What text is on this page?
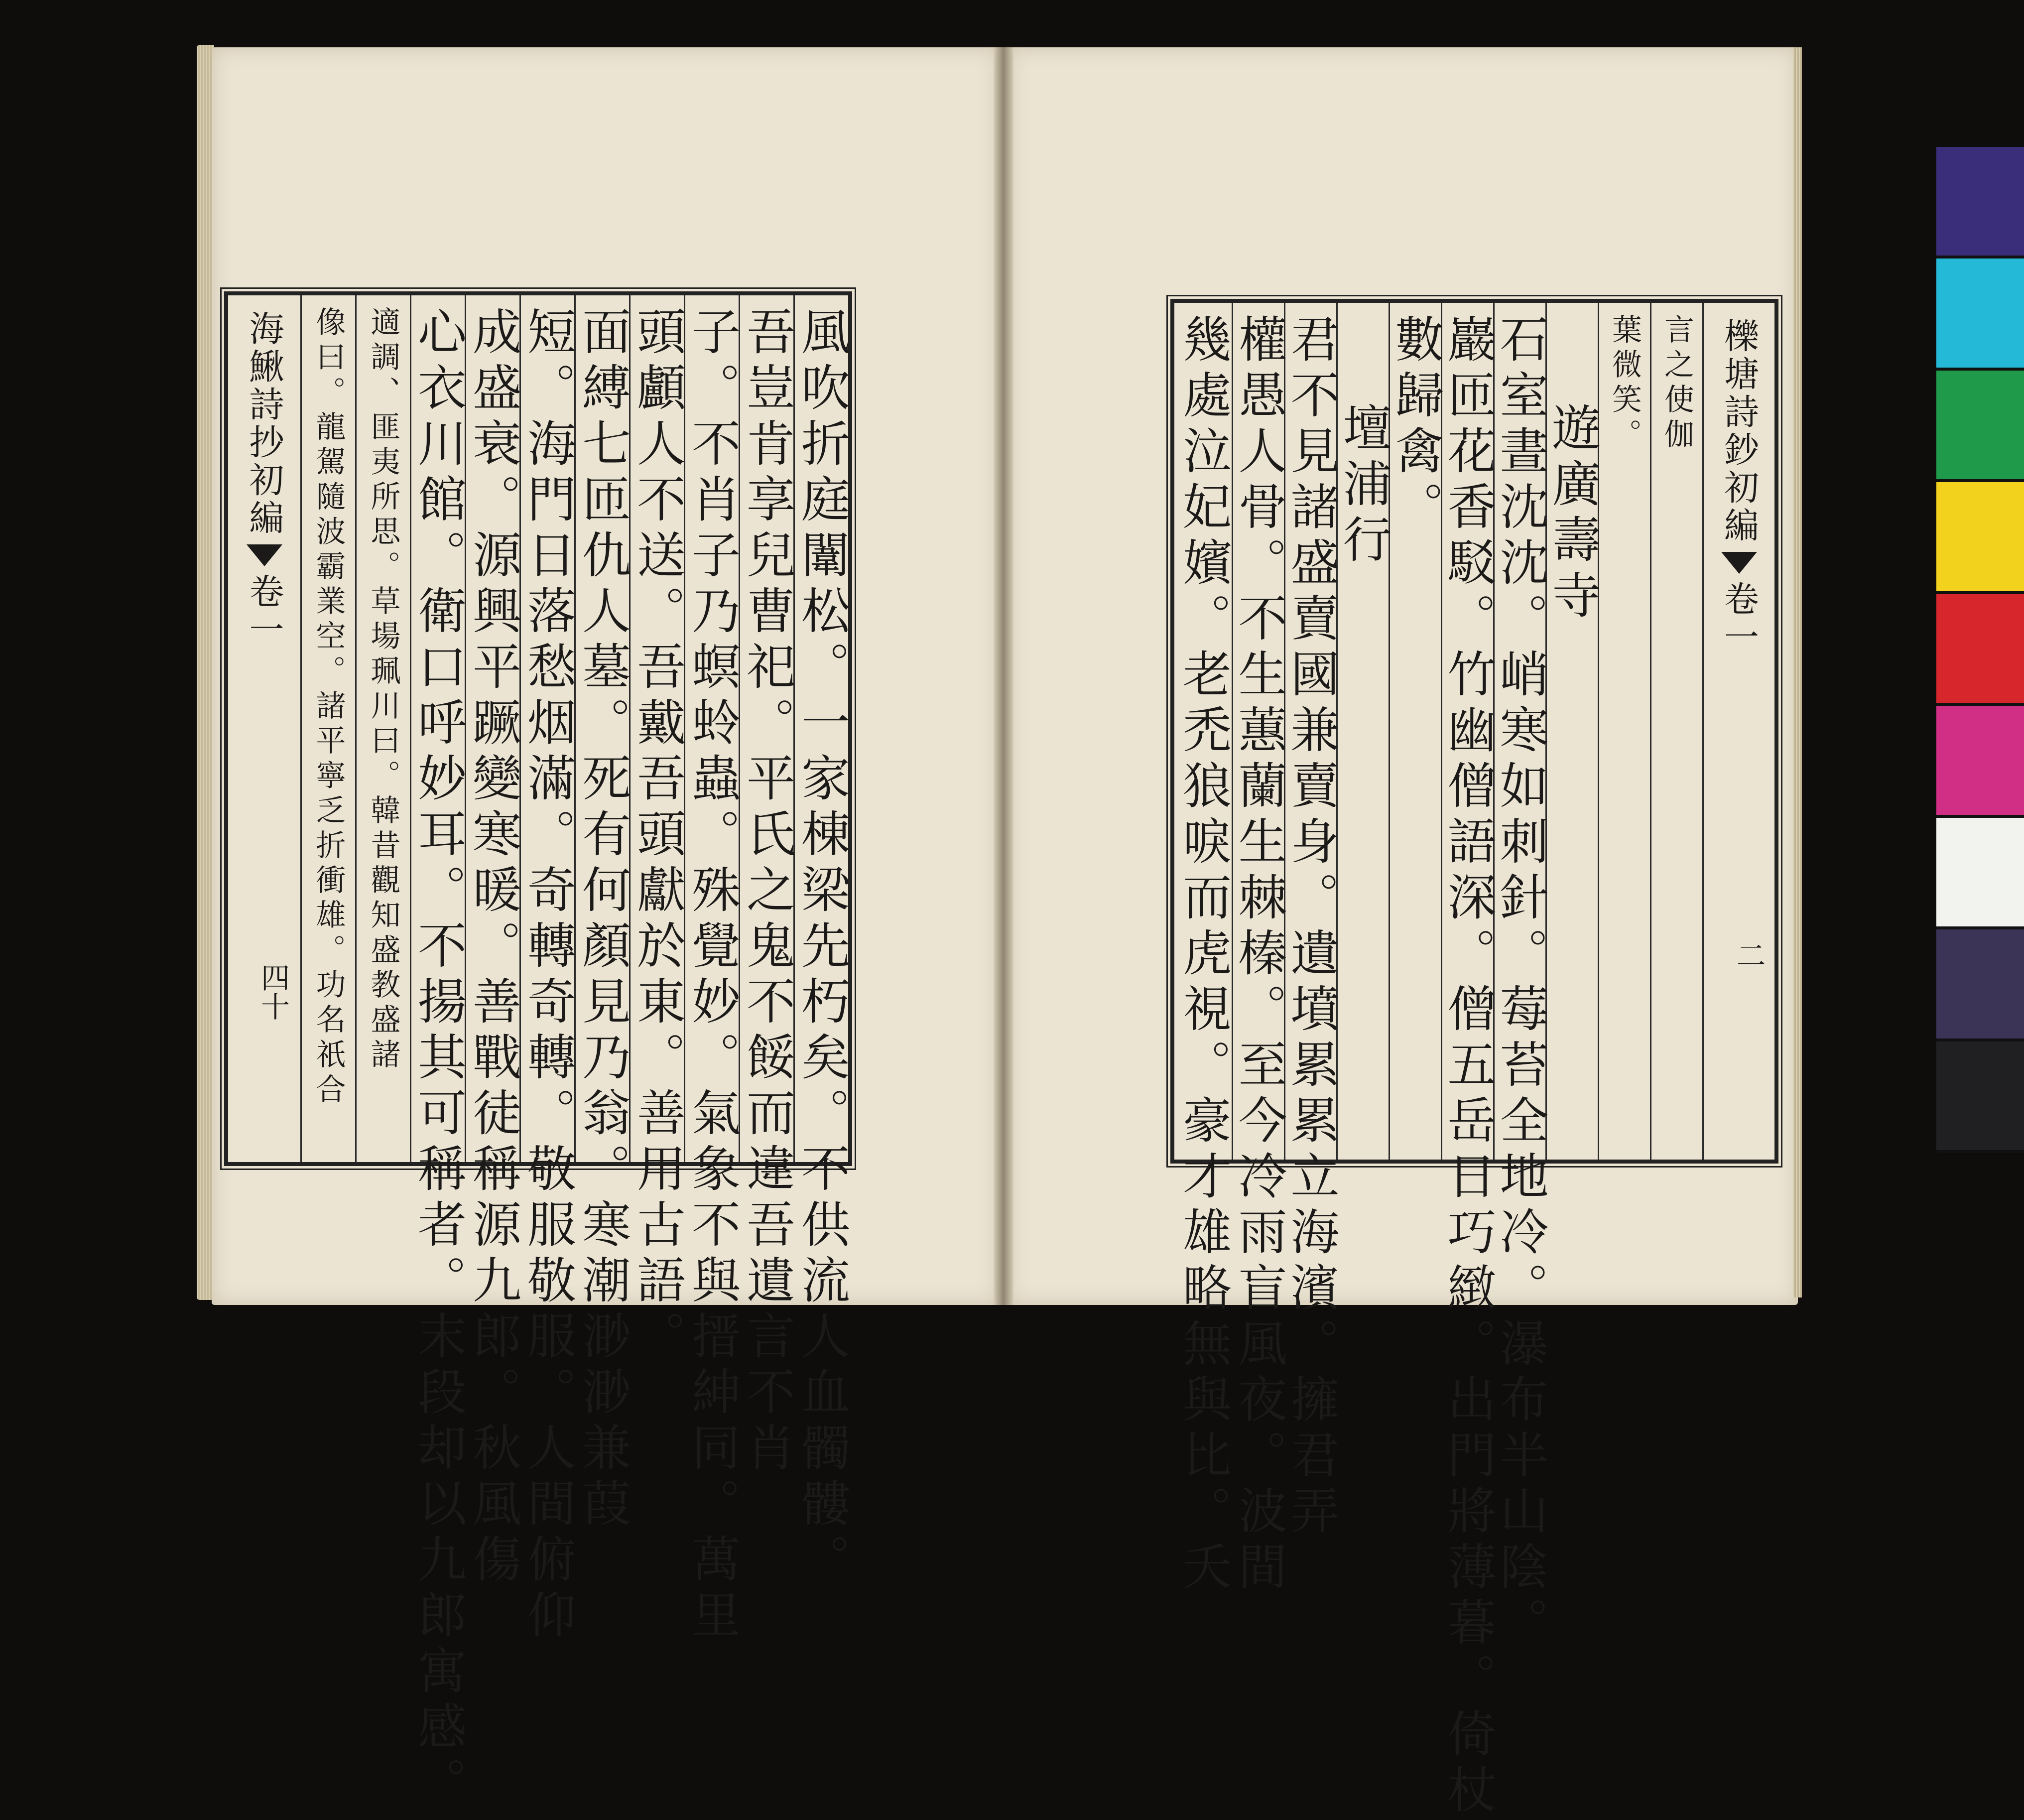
風吹折庭闈松。一家棟梁先朽矣。不供流人血髑髏。
吾豈肯享兒曹祀。平氏之鬼不餒而違吾遺言不肖
子。不肖子乃螟蛉蟲。殊覺妙。氣象不與搢紳同。萬里
頭顱人不送。吾戴吾頭獻於東。善用古語。
面縛七匝仇人墓。死有何顏見乃翁。寒潮渺渺兼葭
短。海門日落愁烟滿。奇轉奇轉。敬服敬服。人間俯仰
成盛衰。源興平蹶變寒暖。善戰徒稱源九郎。秋風傷
心衣川館。衛口呼妙耳。不揚其可稱者。末段却以九郎寓感。
適調、匪夷所思。草場珮川曰。韓昔觀知盛教盛諸
像曰。龍駕隨波霸業空。諸平寧乏折衝雄。功名祇合
海鰍詩抄初編
卷一
四十
櫟塘詩鈔初編
卷一
二
言之使伽
葉微笑。
遊廣壽寺
石室晝沈沈。峭寒如刺針。莓苔全地冷。瀑布半山陰。
巖匝花香駁。竹幽僧語深。僧五岳日巧緻。出門將薄暮。倚杖
數歸禽。
壇浦行
君不見諸盛賣國兼賣身。遺墳累累立海濱。擁君弄
權愚人骨。不生蕙蘭生棘榛。至今冷雨盲風夜。波間
幾處泣妃嬪。老禿狼唳而虎視。豪才雄略無與比。夭
